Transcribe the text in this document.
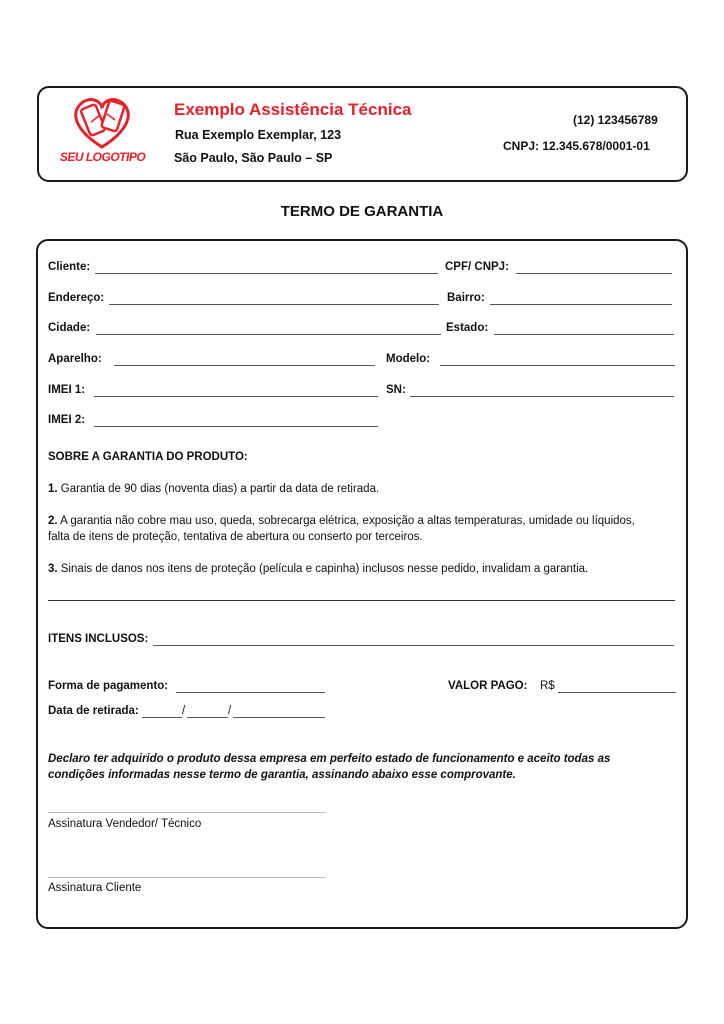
SEU LOGOTIPO
Exemplo Assistência Técnica
Rua Exemplo Exemplar, 123
São Paulo, São Paulo – SP
(12) 123456789
CNPJ: 12.345.678/0001-01
TERMO DE GARANTIA
Cliente:	CPF/ CNPJ:
Endereço:	Bairro:
Cidade:	Estado:
Aparelho:	Modelo:
IMEI 1:	SN:
IMEI 2:
SOBRE A GARANTIA DO PRODUTO:
1. Garantia de 90 dias (noventa dias) a partir da data de retirada.
2. A garantia não cobre mau uso, queda, sobrecarga elétrica, exposição a altas temperaturas, umidade ou líquidos,
falta de itens de proteção, tentativa de abertura ou conserto por terceiros.
3. Sinais de danos nos itens de proteção (película e capinha) inclusos nesse pedido, invalidam a garantia.
ITENS INCLUSOS:
Forma de pagamento:	VALOR PAGO: R$
Data de retirada:	/	/
Declaro ter adquirido o produto dessa empresa em perfeito estado de funcionamento e aceito todas as
condições informadas nesse termo de garantia, assinando abaixo esse comprovante.
Assinatura Vendedor/ Técnico
Assinatura Cliente
